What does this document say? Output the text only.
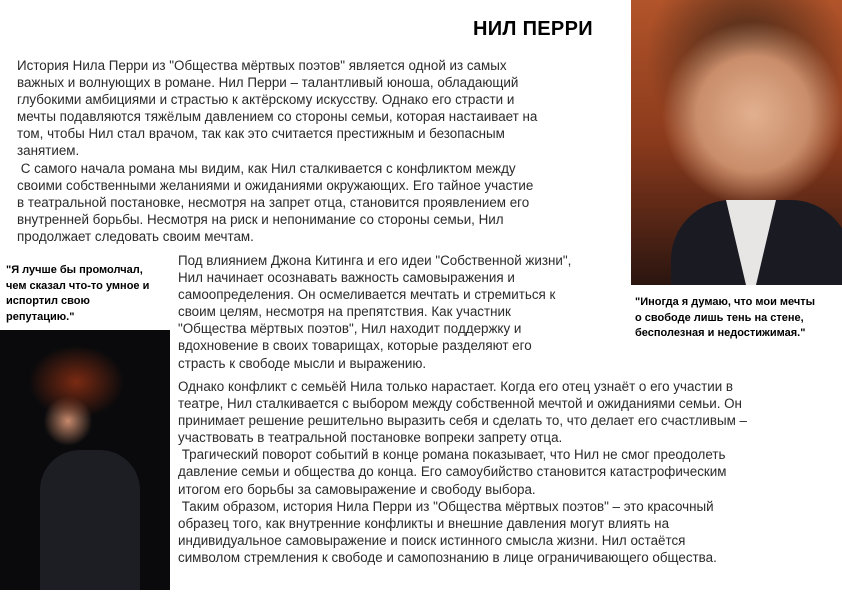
НИЛ ПЕРРИ
История Нила Перри из "Общества мёртвых поэтов" является одной из самых
важных и волнующих в романе. Нил Перри – талантливый юноша, обладающий
глубокими амбициями и страстью к актёрскому искусству. Однако его страсти и
мечты подавляются тяжёлым давлением со стороны семьи, которая настаивает на
том, чтобы Нил стал врачом, так как это считается престижным и безопасным
занятием.
С самого начала романа мы видим, как Нил сталкивается с конфликтом между
своими собственными желаниями и ожиданиями окружающих. Его тайное участие
в театральной постановке, несмотря на запрет отца, становится проявлением его
внутренней борьбы. Несмотря на риск и непонимание со стороны семьи, Нил
продолжает следовать своим мечтам.
Под влиянием Джона Китинга и его идеи "Собственной жизни",
Нил начинает осознавать важность самовыражения и
самоопределения. Он осмеливается мечтать и стремиться к
своим целям, несмотря на препятствия. Как участник
"Общества мёртвых поэтов", Нил находит поддержку и
вдохновение в своих товарищах, которые разделяют его
страсть к свободе мысли и выражению.
Однако конфликт с семьёй Нила только нарастает. Когда его отец узнаёт о его участии в
театре, Нил сталкивается с выбором между собственной мечтой и ожиданиями семьи. Он
принимает решение решительно выразить себя и сделать то, что делает его счастливым –
участвовать в театральной постановке вопреки запрету отца.
Трагический поворот событий в конце романа показывает, что Нил не смог преодолеть
давление семьи и общества до конца. Его самоубийство становится катастрофическим
итогом его борьбы за самовыражение и свободу выбора.
Таким образом, история Нила Перри из "Общества мёртвых поэтов" – это красочный
образец того, как внутренние конфликты и внешние давления могут влиять на
индивидуальное самовыражение и поиск истинного смысла жизни. Нил остаётся
символом стремления к свободе и самопознанию в лице ограничивающего общества.
"Я лучше бы промолчал,
чем сказал что-то умное и
испортил свою
репутацию."
"Иногда я думаю, что мои мечты
о свободе лишь тень на стене,
бесполезная и недостижимая."
